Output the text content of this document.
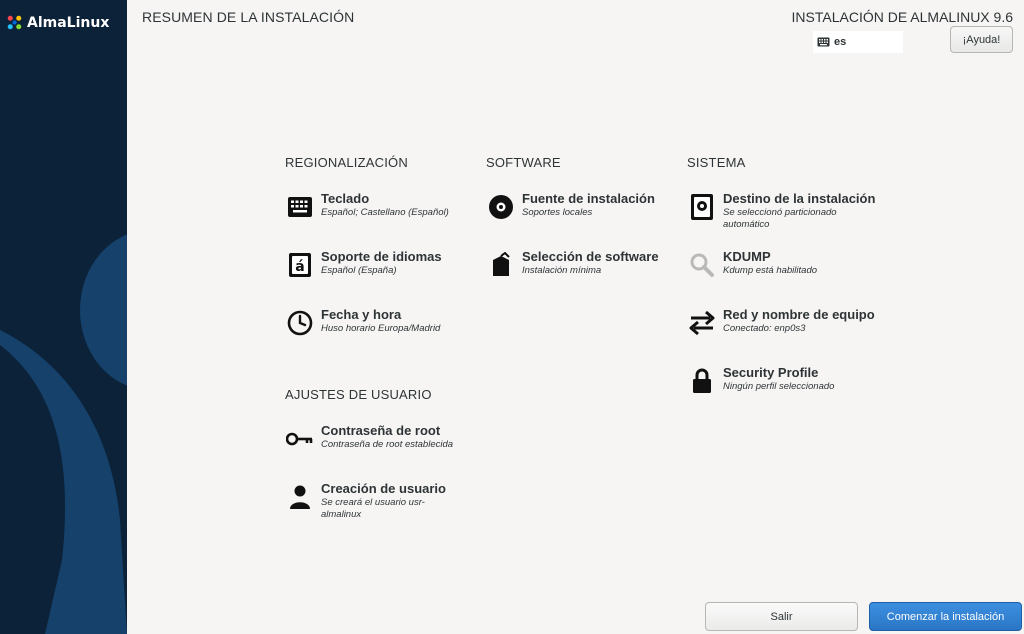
AlmaLinux RESUMEN DE LA INSTALACIÓN	INSTALACIÓN DE ALMALINUX 9.6
es	¡Ayuda!
REGIONALIZACIÓN	SOFTWARE	SISTEMA
AJUSTES DE USUARIO
Teclado
Español; Castellano (Español)
á
Soporte de idiomas
Español (España)
Fecha y hora
Huso horario Europa/Madrid
Fuente de instalación
Soportes locales
Selección de software
Instalación mínima
Destino de la instalación
Se seleccionó particionado automático
KDUMP
Kdump está habilitado
Red y nombre de equipo
Conectado: enp0s3
Security Profile
Ningún perfil seleccionado
Contraseña de root
Contraseña de root establecida
Creación de usuario
Se creará el usuario usr-almalinux
Salir	Comenzar la instalación
